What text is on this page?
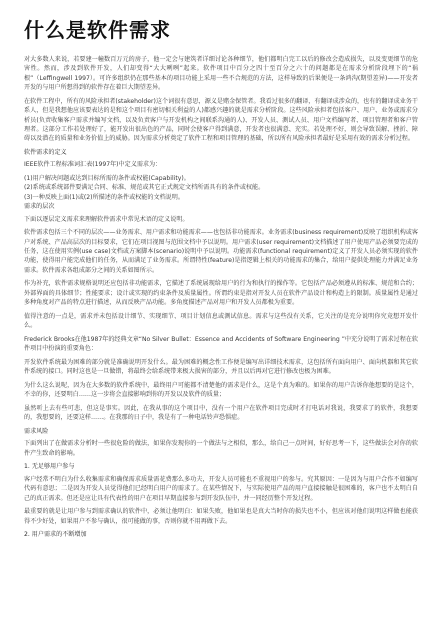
什么是软件需求

对大多数人来说，若要建一幢数百万元的房子，他一定会与建筑者详细讨论各种细节，他们都明白完工以后的修改会造成损失，以及变更细节的危害性。然而，涉及到软件开发，人们却变得“大大咧咧”起来。软件项目中百分之四十至百分之六十的问题都是在需求分析阶段埋下的“祸根”（Leffingwell 1997）。可许多组织仍在那些基本的项目功能上采用一些不合规范的方法，这样导致的后果便是一条鸿沟(期望差异)——开发者开发的与用户所想得到的软件存在着巨大期望差异。

在软件工程中，所有的风险承担者(stakeholder)这个词很有意思，源义是赌金保管者。我看过很多的翻译，有翻译成涉众的，也有的翻译成业务干系人，但是我想他应该要表达的是和这个项目有密切相关利益的人)都感兴趣的就是需求分析阶段。这些风险承担者包括客户、用户、业务或需求分析员(负责收集客户需求并编写文档，以及负责客户与开发机构之间联系沟通的人)、开发人员、测试人员、用户文档编写者、项目管理者和客户管理者。这部分工作若处理好了，能开发出很出色的产品，同时会使客户得到满意，开发者也很满意、充实。若处理不好，则会导致误解、挫折、障碍以及潜在的质量和业务价值上的威胁。因为需求分析奠定了软件工程和项目管理的基础，所以所有风险承担者最好是采用有效的需求分析过程。

软件需求的定义

IEEE软件工程标准词汇表(1997年)中定义需求为：

(1)用户解决问题或达到目标所需的条件或权能(Capability)。

(2)系统或系统部件要满足合同、标准、规范或其它正式规定文档所需具有的条件或权能。

(3)一种反映上面(1)或(2)所描述的条件或权能的文档说明。

需求的层次

下面以逐层定义需求来理解软件需求中常见术语的定义说明。

软件需求包括三个不同的层次——业务需求、用户需求和功能需求——也包括非功能需求。业务需求(business requirement)反映了组织机构或客户对系统、产品高层次的目标要求，它们在项目视图与范围文档中予以说明。用户需求(user requirement)文档描述了用户使用产品必须要完成的任务，这在使用实例(use case)文档或方案脚本(scenario)说明中予以说明。功能需求(functional requirement)定义了开发人员必须实现的软件功能，使得用户能完成他们的任务，从而满足了业务需求。所谓特性(feature)是指逻辑上相关的功能需求的集合，给用户提供处理能力并满足业务需求。软件需求各组成部分之间的关系如图所示。

作为补充，软件需求规格说明还应包括非功能需求，它描述了系统展现给用户的行为和执行的操作等。它包括产品必须遵从的标准、规范和合约；外部界面的具体细节；性能要求；设计或实现的约束条件及质量属性。所谓约束是指对开发人员在软件产品设计和构造上的限制。质量属性是通过多种角度对产品的特点进行描述，从而反映产品功能。多角度描述产品对用户和开发人员都极为重要。

值得注意的一点是，需求并未包括设计细节、实现细节、项目计划信息或测试信息。需求与这些没有关系，它关注的是充分说明你究竟想开发什么。

Frederick Brooks在他1987年的经典文章“No Silver Bullet：Essence and Accidents of Software Engineering ”中充分说明了需求过程在软件项目中扮演的重要角色：

开发软件系统最为困难的部分就是准确说明开发什么。最为困难的概念性工作便是编写出详细技术需求，这包括所有面向用户、面向机器和其它软件系统的接口。同时这也是一旦做错，将最终会给系统带来极大损害的部分，并且以后再对它进行修改也极为困难。

为什么这么说呢，因为在大多数的软件系统中，最终用户可能都不清楚他的需求是什么，这是个真为难的。如果你的用户告诉你他想要的是这个，不幸的你，还要明白……这一步将会直接影响到你的开发以及软件的质量；

虽然听上去有些可悲，但这是事实。因此，在我从事的这个项目中，没有一个用户在软件项目完成时才打电话对我说，我要求了的软件，我想要的，我想要的，还要这样……。在我那的日子中，我是有了一种电话铃声恐惧症。

需求风险

下面列出了在做需求分析时一些很危险的做法，如果你发现你的一个做法与之相似，那么，给自己一点时间，好好思考一下，这些做法会对你的软件产生致命的影响。

1. 无足够用户参与

客户经常不明白为什么收集需求和确保需求质量需花费那么多功夫，开发人员可能也不重视用户的参与。究其原因：一是因为与用户合作不如编写代码有意思；二是因为开发人员觉得他们已经明白用户的需求了。在某些情况下，与实际使用产品的用户直接接触是很困难的，客户也不太明白自己的真正需求。但还是应让具有代表性的用户在项目早期直接参与到开发队伍中，并一同经历整个开发过程。

最重要的就是让用户参与到需求确认的软件中，必须让他明白：如果失败，他如果也是真大当时你的损失也不小，但应该对他们说明这样做也能获得不少好处，如果用户不参与确认，很可能做的事，否则你就不用再做下去。

2. 用户需求的不断增加
